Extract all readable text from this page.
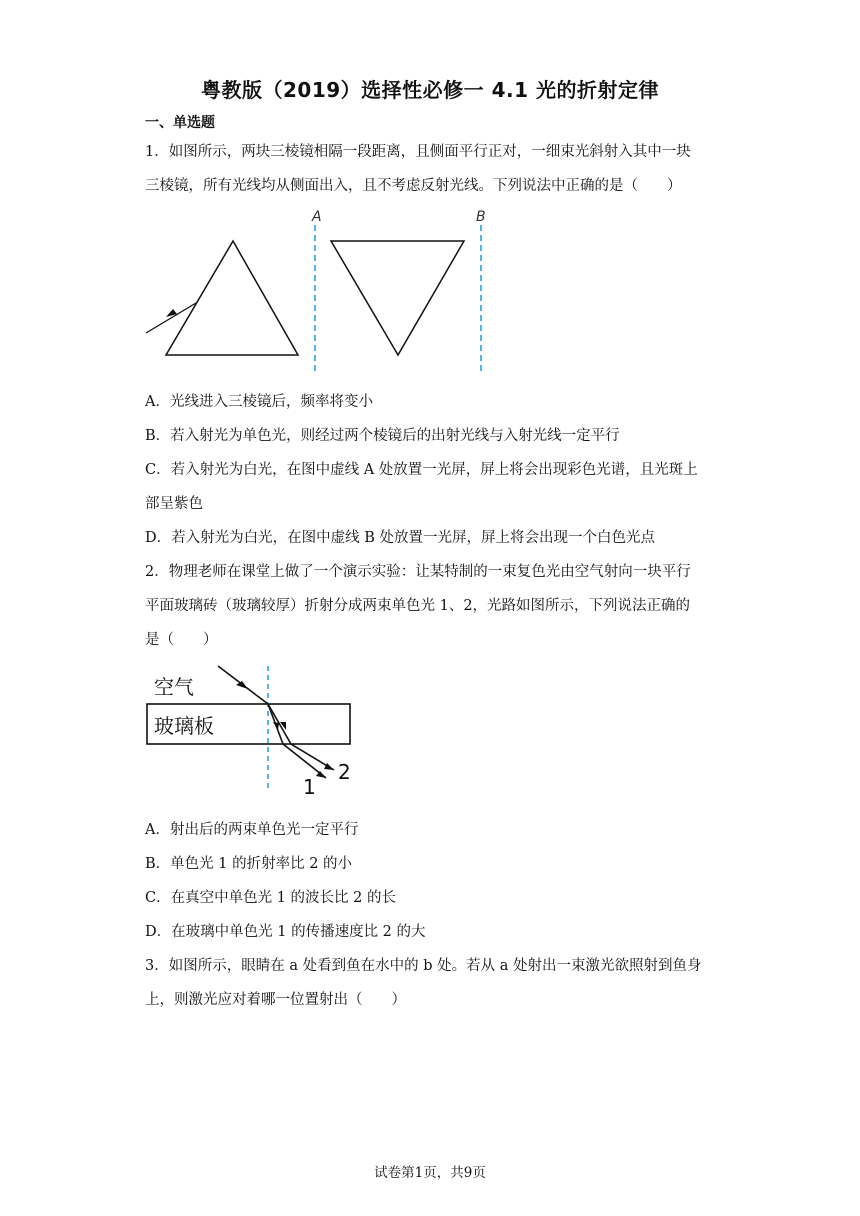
粤教版（2019）选择性必修一 4.1 光的折射定律
一、单选题
1．如图所示，两块三棱镜相隔一段距离，且侧面平行正对，一细束光斜射入其中一块
三棱镜，所有光线均从侧面出入，且不考虑反射光线。下列说法中正确的是（　　）
A	B
A．光线进入三棱镜后，频率将变小
B．若入射光为单色光，则经过两个棱镜后的出射光线与入射光线一定平行
C．若入射光为白光，在图中虚线 A 处放置一光屏，屏上将会出现彩色光谱，且光斑上
部呈紫色
D．若入射光为白光，在图中虚线 B 处放置一光屏，屏上将会出现一个白色光点
2．物理老师在课堂上做了一个演示实验：让某特制的一束复色光由空气射向一块平行
平面玻璃砖（玻璃较厚）折射分成两束单色光 1、2，光路如图所示，下列说法正确的
是（　　）
空气
玻璃板
2
1
A．射出后的两束单色光一定平行
B．单色光 1 的折射率比 2 的小
C．在真空中单色光 1 的波长比 2 的长
D．在玻璃中单色光 1 的传播速度比 2 的大
3．如图所示，眼睛在 a 处看到鱼在水中的 b 处。若从 a 处射出一束激光欲照射到鱼身
上，则激光应对着哪一位置射出（　　）
试卷第1页，共9页
